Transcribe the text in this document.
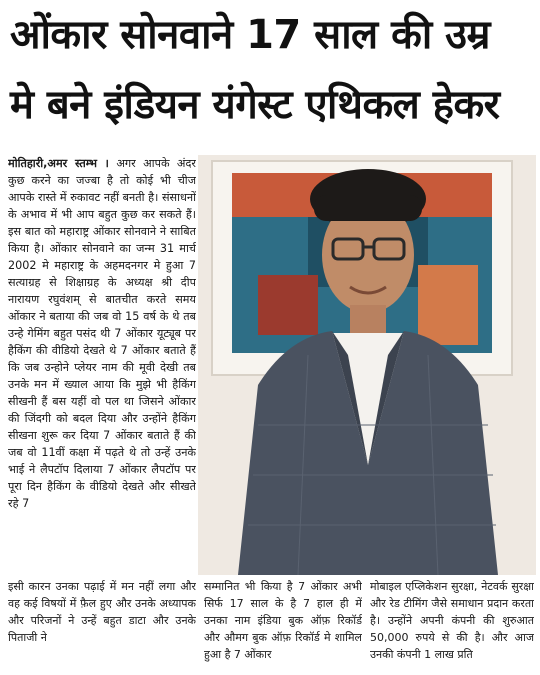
ओंकार सोनवाने 17 साल की उम्र
मे बने इंडियन यंगेस्ट एथिकल हेकर
मोतिहारी,अमर स्तम्भ । अगर आपके अंदर कुछ करने का जज्बा है तो कोई भी चीज आपके रास्ते में रुकावट नहीं बनती है। संसाधनों के अभाव में भी आप बहुत कुछ कर सकते हैं। इस बात को महाराष्ट्र ओंकार सोनवाने ने साबित किया है। ओंकार सोनवाने का जन्म 31 मार्च 2002 मे महाराष्ट्र के अहमदनगर मे हुआ 7 सत्याग्रह से शिक्षाग्रह के अध्यक्ष श्री दीप नारायण रघुवंशम् से बातचीत करते समय ओंकार ने बताया की जब वो 15 वर्ष के थे तब उन्हे गेमिंग बहुत पसंद थी 7 ओंकार यूट्यूब पर हैकिंग की वीडियो देखते थे 7 ओंकार बताते हैं कि जब उन्होने प्लेयर नाम की मूवी देखी तब उनके मन में ख्याल आया कि मुझे भी हैकिंग सीखनी हैं बस यहीं वो पल था जिसने ओंकार की जिंदगी को बदल दिया और उन्होंने हैकिंग सीखना शुरू कर दिया 7 ओंकार बताते हैं की जब वो 11वीं कक्षा में पढ़ते थे तो उन्हें उनके भाई ने लैपटॉप दिलाया 7 ओंकार लैपटॉप पर पूरा दिन हैकिंग के वीडियो देखते और सीखते रहे 7
इसी कारन उनका पढ़ाई में मन नहीं लगा और वह कई विषयों में फ़ैल हुए और उनके अध्यापक और परिजनों ने उन्हें बहुत डाटा और उनके पिताजी ने
सम्मानित भी किया है 7 ओंकार अभी सिर्फ 17 साल के है 7 हाल ही में उनका नाम इंडिया बुक ऑफ़ रिकॉर्ड और औमग बुक ऑफ़ रिकॉर्ड मे शामिल हुआ है 7 ओंकार
मोबाइल एप्लिकेशन सुरक्षा, नेटवर्क सुरक्षा और रेड टीमिंग जैसे समाधान प्रदान करता है। उन्होंने अपनी कंपनी की शुरुआत 50,000 रुपये से की है। और आज उनकी कंपनी 1 लाख प्रति
